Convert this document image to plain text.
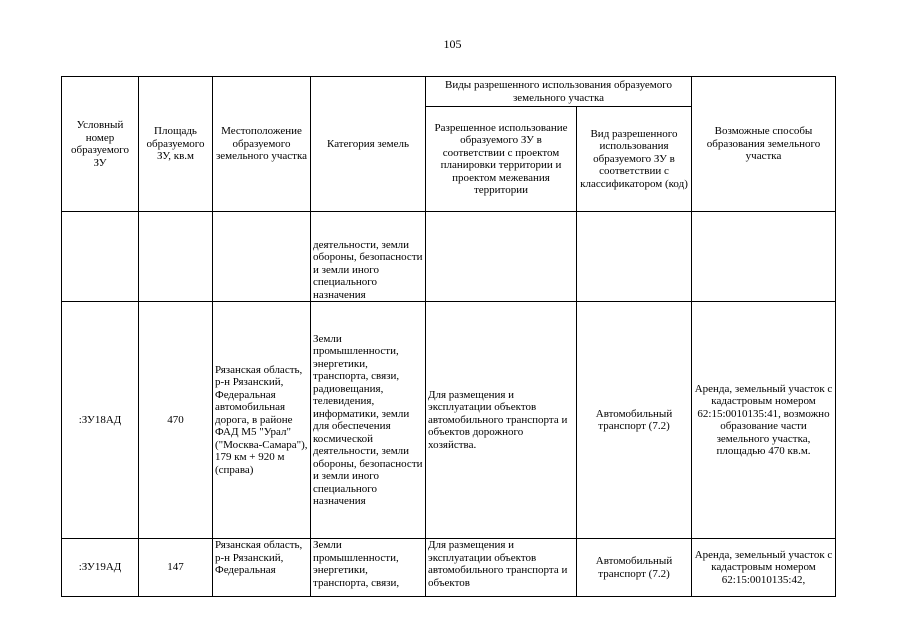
105
Условный номер образуемого ЗУ	Площадь образуемого ЗУ, кв.м	Местоположение образуемого земельного участка	Категория земель	Виды разрешенного использования образуемого земельного участка		Возможные способы образования земельного участка
				Разрешенное использование образуемого ЗУ в соответствии с проектом планировки территории и проектом межевания территории	Вид разрешенного использования образуемого ЗУ в соответствии с классификатором (код)	
			деятельности, земли обороны, безопасности и земли иного специального назначения			
:ЗУ18АД	470	Рязанская область, р-н Рязанский, Федеральная автомобильная дорога, в районе ФАД М5 "Урал" ("Москва-Самара"), 179 км + 920 м (справа)	Земли промышленности, энергетики, транспорта, связи, радиовещания, телевидения, информатики, земли для обеспечения космической деятельности, земли обороны, безопасности и земли иного специального назначения	Для размещения и эксплуатации объектов автомобильного транспорта и объектов дорожного хозяйства.	Автомобильный транспорт (7.2)	Аренда, земельный участок с кадастровым номером 62:15:0010135:41, возможно образование части земельного участка, площадью 470 кв.м.
:ЗУ19АД	147	Рязанская область, р-н Рязанский, Федеральная	Земли промышленности, энергетики, транспорта, связи,	Для размещения и эксплуатации объектов автомобильного транспорта и объектов	Автомобильный транспорт (7.2)	Аренда, земельный участок с кадастровым номером 62:15:0010135:42,
